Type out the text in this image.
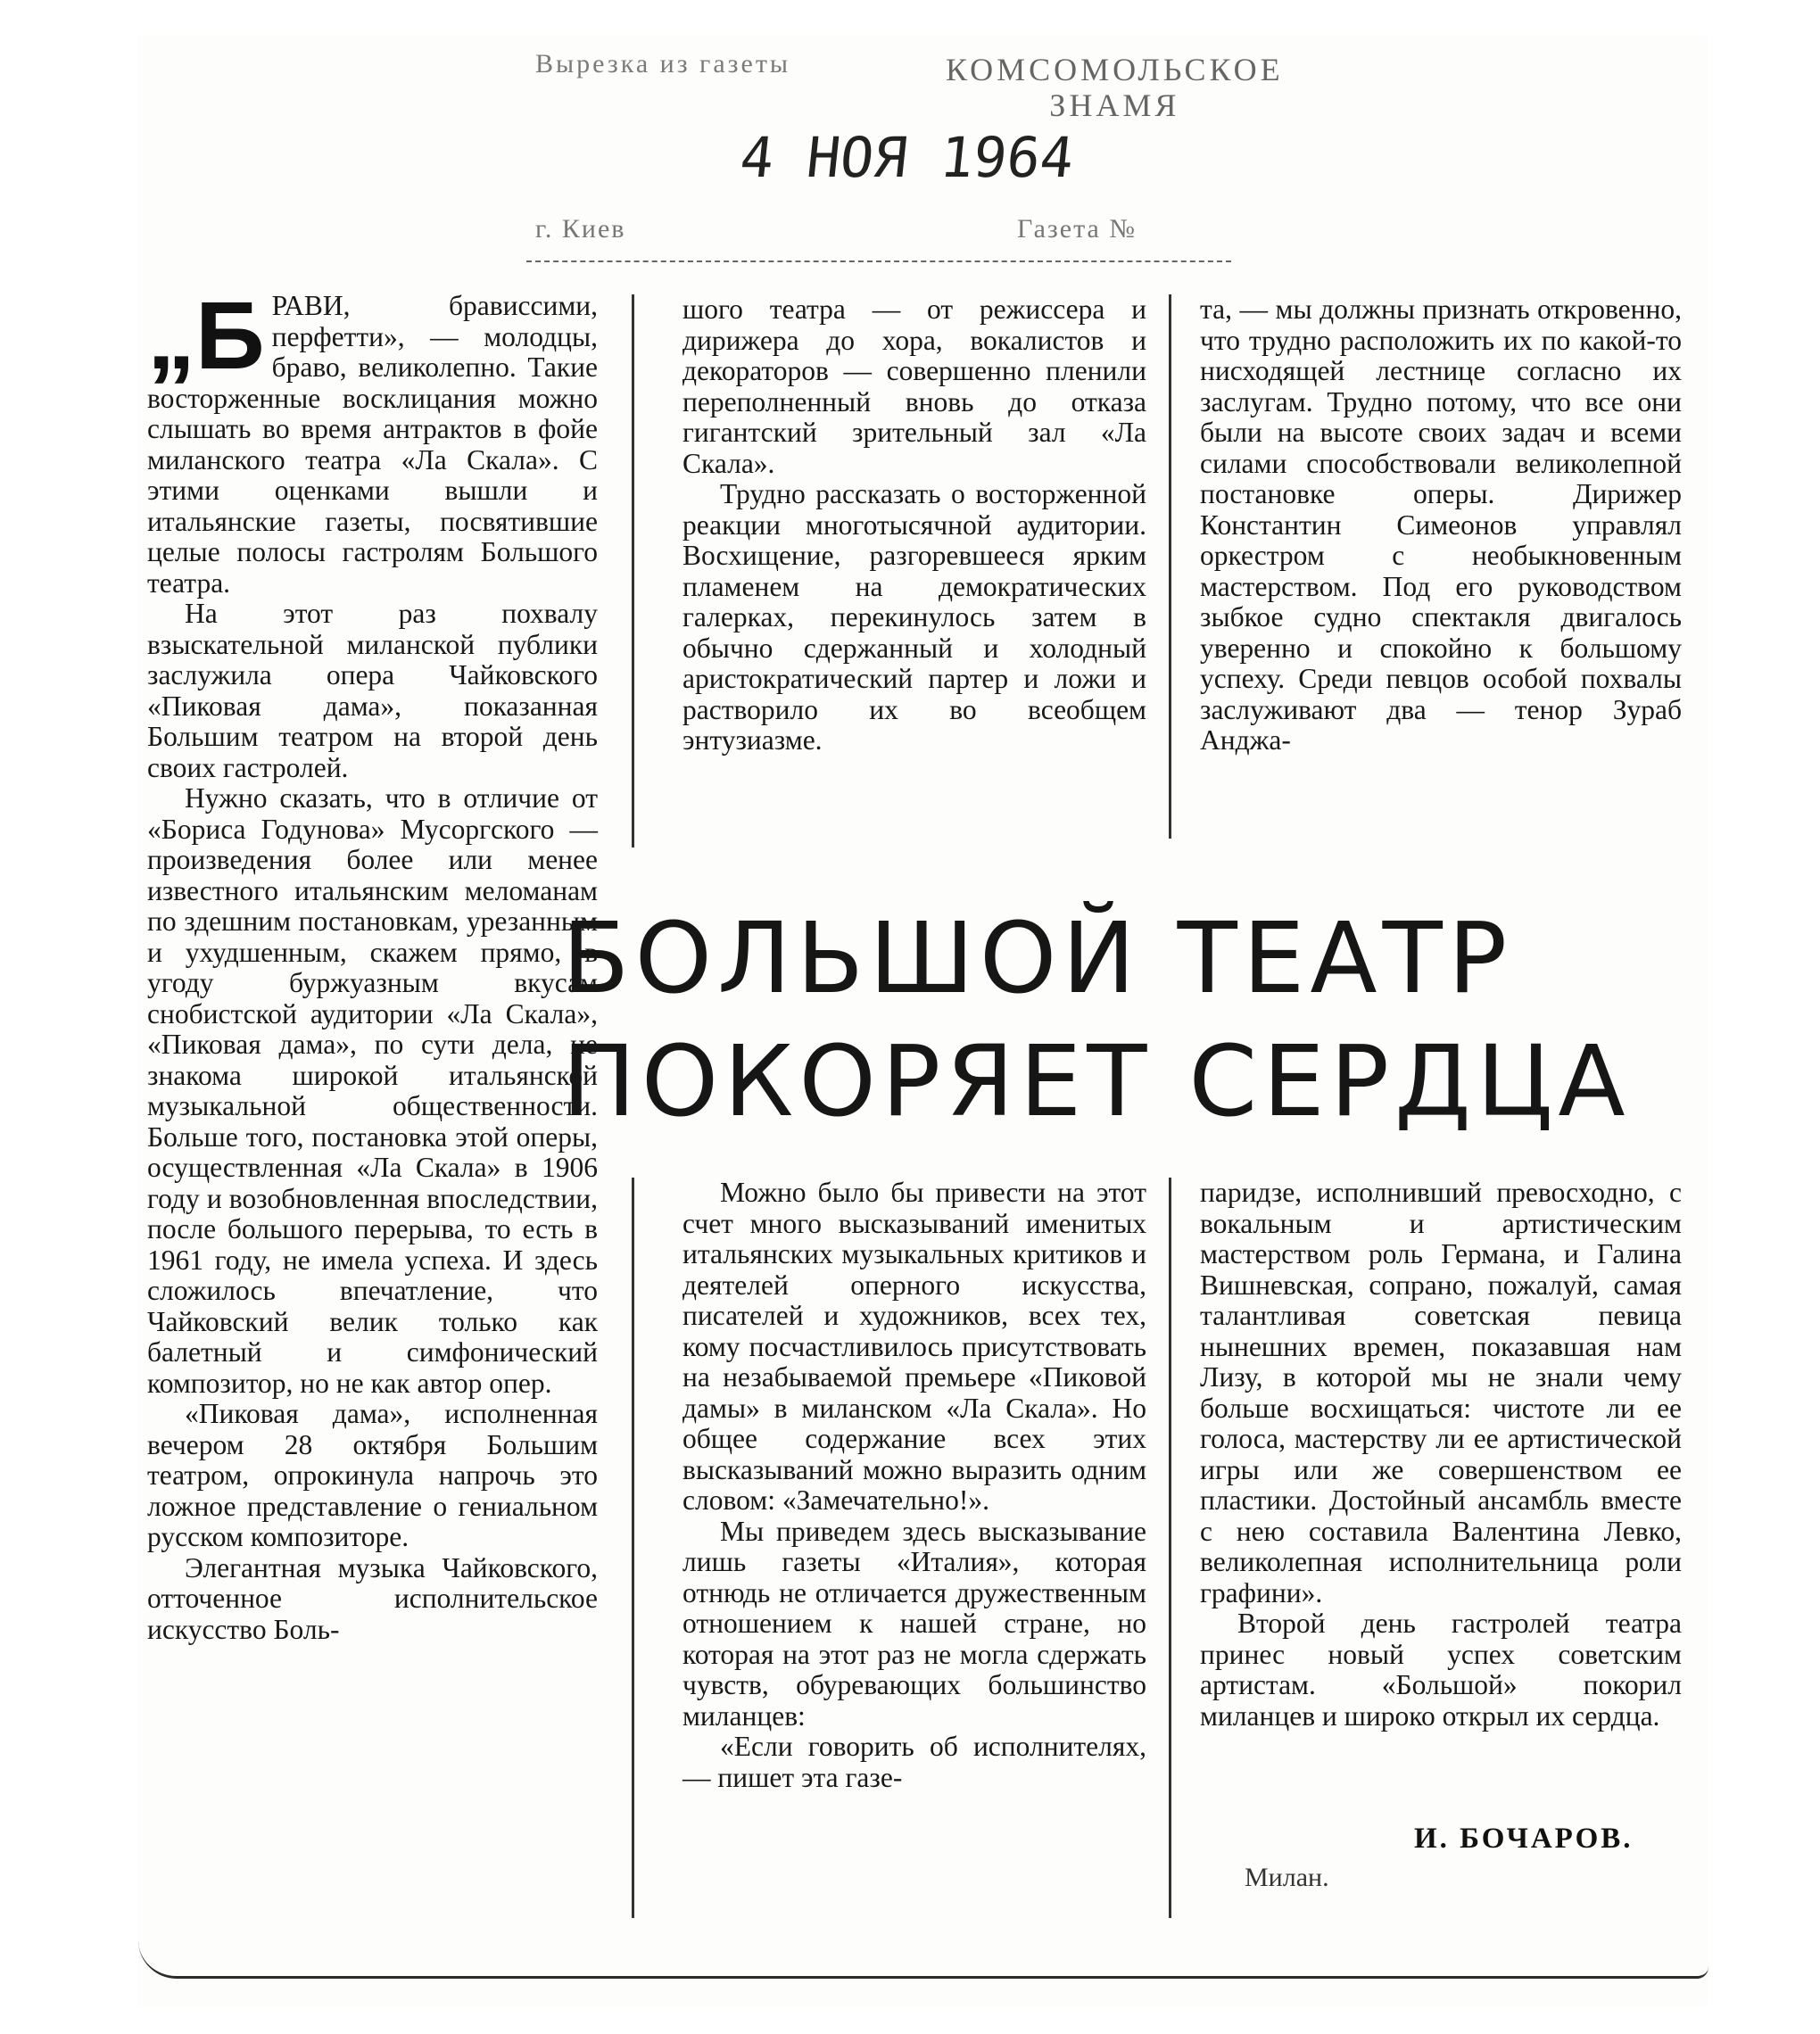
Вырезка из газеты	КОМСОМОЛЬСКОЕ
ЗНАМЯ
4 НОЯ 1964
г. Киев	Газета №

„БРАВИ, брависсими, перфетти», — молодцы, браво, великолепно. Такие восторженные восклицания можно слышать во время антрактов в фойе миланского театра «Ла Скала». С этими оценками вышли и итальянские газеты, посвятившие целые полосы гастролям Большого театра.

На этот раз похвалу взыскательной миланской публики заслужила опера Чайковского «Пиковая дама», показанная Большим театром на второй день своих гастролей.

Нужно сказать, что в отличие от «Бориса Годунова» Мусоргского — произведения более или менее известного итальянским меломанам по здешним постановкам, урезанным и ухудшенным, скажем прямо, в угоду буржуазным вкусам снобистской аудитории «Ла Скала», «Пиковая дама», по сути дела, не знакома широкой итальянской музыкальной общественности. Больше того, постановка этой оперы, осуществленная «Ла Скала» в 1906 году и возобновленная впоследствии, после большого перерыва, то есть в 1961 году, не имела успеха. И здесь сложилось впечатление, что Чайковский велик только как балетный и симфонический композитор, но не как автор опер.

«Пиковая дама», исполненная вечером 28 октября Большим театром, опрокинула напрочь это ложное представление о гениальном русском композиторе.

Элегантная музыка Чайковского, отточенное исполнительское искусство Боль-

шого театра — от режиссера и дирижера до хора, вокалистов и декораторов — совершенно пленили переполненный вновь до отказа гигантский зрительный зал «Ла Скала».

Трудно рассказать о восторженной реакции многотысячной аудитории. Восхищение, разгоревшееся ярким пламенем на демократических галерках, перекинулось затем в обычно сдержанный и холодный аристократический партер и ложи и растворило их во всеобщем энтузиазме.

та, — мы должны признать откровенно, что трудно расположить их по какой-то нисходящей лестнице согласно их заслугам. Трудно потому, что все они были на высоте своих задач и всеми силами способствовали великолепной постановке оперы. Дирижер Константин Симеонов управлял оркестром с необыкновенным мастерством. Под его руководством зыбкое судно спектакля двигалось уверенно и спокойно к большому успеху. Среди певцов особой похвалы заслуживают два — тенор Зураб Анджа-

БОЛЬШОЙ ТЕАТР
ПОКОРЯЕТ СЕРДЦА

Можно было бы привести на этот счет много высказываний именитых итальянских музыкальных критиков и деятелей оперного искусства, писателей и художников, всех тех, кому посчастливилось присутствовать на незабываемой премьере «Пиковой дамы» в миланском «Ла Скала». Но общее содержание всех этих высказываний можно выразить одним словом: «Замечательно!».

Мы приведем здесь высказывание лишь газеты «Италия», которая отнюдь не отличается дружественным отношением к нашей стране, но которая на этот раз не могла сдержать чувств, обуревающих большинство миланцев:

«Если говорить об исполнителях, — пишет эта газе-

паридзе, исполнивший превосходно, с вокальным и артистическим мастерством роль Германа, и Галина Вишневская, сопрано, пожалуй, самая талантливая советская певица нынешних времен, показавшая нам Лизу, в которой мы не знали чему больше восхищаться: чистоте ли ее голоса, мастерству ли ее артистической игры или же совершенством ее пластики. Достойный ансамбль вместе с нею составила Валентина Левко, великолепная исполнительница роли графини».

Второй день гастролей театра принес новый успех советским артистам. «Большой» покорил миланцев и широко открыл их сердца.

И. БОЧАРОВ.
Милан.
